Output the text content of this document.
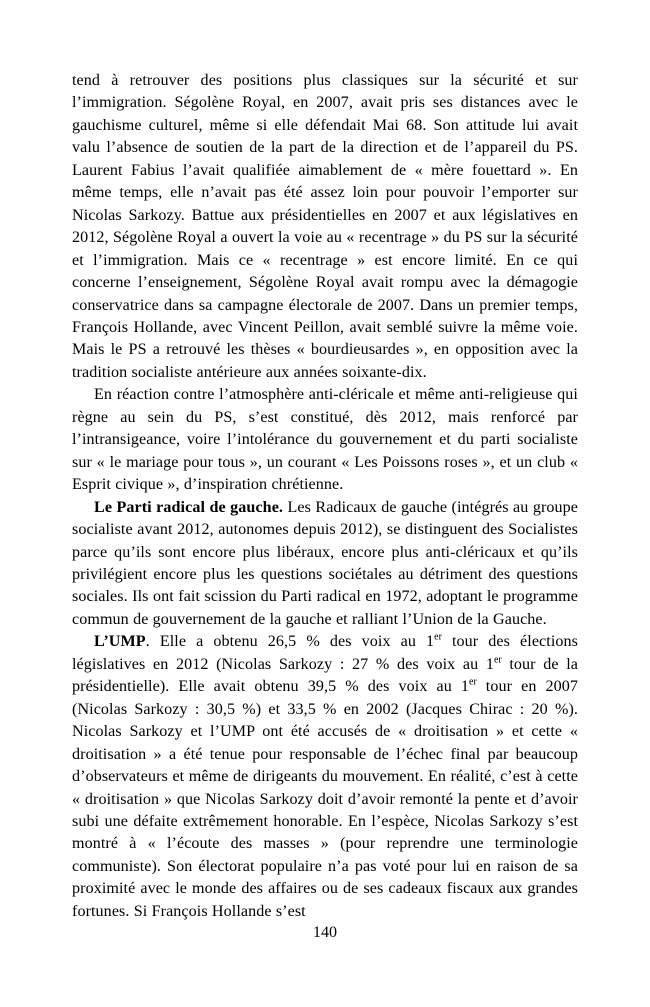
tend à retrouver des positions plus classiques sur la sécurité et sur l’immigration. Ségolène Royal, en 2007, avait pris ses distances avec le gauchisme culturel, même si elle défendait Mai 68. Son attitude lui avait valu l’absence de soutien de la part de la direction et de l’appareil du PS. Laurent Fabius l’avait qualifiée aimablement de « mère fouettard ». En même temps, elle n’avait pas été assez loin pour pouvoir l’emporter sur Nicolas Sarkozy. Battue aux présidentielles en 2007 et aux législatives en 2012, Ségolène Royal a ouvert la voie au « recentrage » du PS sur la sécurité et l’immigration. Mais ce « recentrage » est encore limité. En ce qui concerne l’enseignement, Ségolène Royal avait rompu avec la démagogie conservatrice dans sa campagne électorale de 2007. Dans un premier temps, François Hollande, avec Vincent Peillon, avait semblé suivre la même voie. Mais le PS a retrouvé les thèses « bourdieusardes », en opposition avec la tradition socialiste antérieure aux années soixante-dix.

En réaction contre l’atmosphère anti-cléricale et même anti-religieuse qui règne au sein du PS, s’est constitué, dès 2012, mais renforcé par l’intransigeance, voire l’intolérance du gouvernement et du parti socialiste sur « le mariage pour tous », un courant « Les Poissons roses », et un club « Esprit civique », d’inspiration chrétienne.

Le Parti radical de gauche. Les Radicaux de gauche (intégrés au groupe socialiste avant 2012, autonomes depuis 2012), se distinguent des Socialistes parce qu’ils sont encore plus libéraux, encore plus anti-cléricaux et qu’ils privilégient encore plus les questions sociétales au détriment des questions sociales. Ils ont fait scission du Parti radical en 1972, adoptant le programme commun de gouvernement de la gauche et ralliant l’Union de la Gauche.

L’UMP. Elle a obtenu 26,5 % des voix au 1er tour des élections législatives en 2012 (Nicolas Sarkozy : 27 % des voix au 1er tour de la présidentielle). Elle avait obtenu 39,5 % des voix au 1er tour en 2007 (Nicolas Sarkozy : 30,5 %) et 33,5 % en 2002 (Jacques Chirac : 20 %). Nicolas Sarkozy et l’UMP ont été accusés de « droitisation » et cette « droitisation » a été tenue pour responsable de l’échec final par beaucoup d’observateurs et même de dirigeants du mouvement. En réalité, c’est à cette « droitisation » que Nicolas Sarkozy doit d’avoir remonté la pente et d’avoir subi une défaite extrêmement honorable. En l’espèce, Nicolas Sarkozy s’est montré à « l’écoute des masses » (pour reprendre une terminologie communiste). Son électorat populaire n’a pas voté pour lui en raison de sa proximité avec le monde des affaires ou de ses cadeaux fiscaux aux grandes fortunes. Si François Hollande s’est

140
